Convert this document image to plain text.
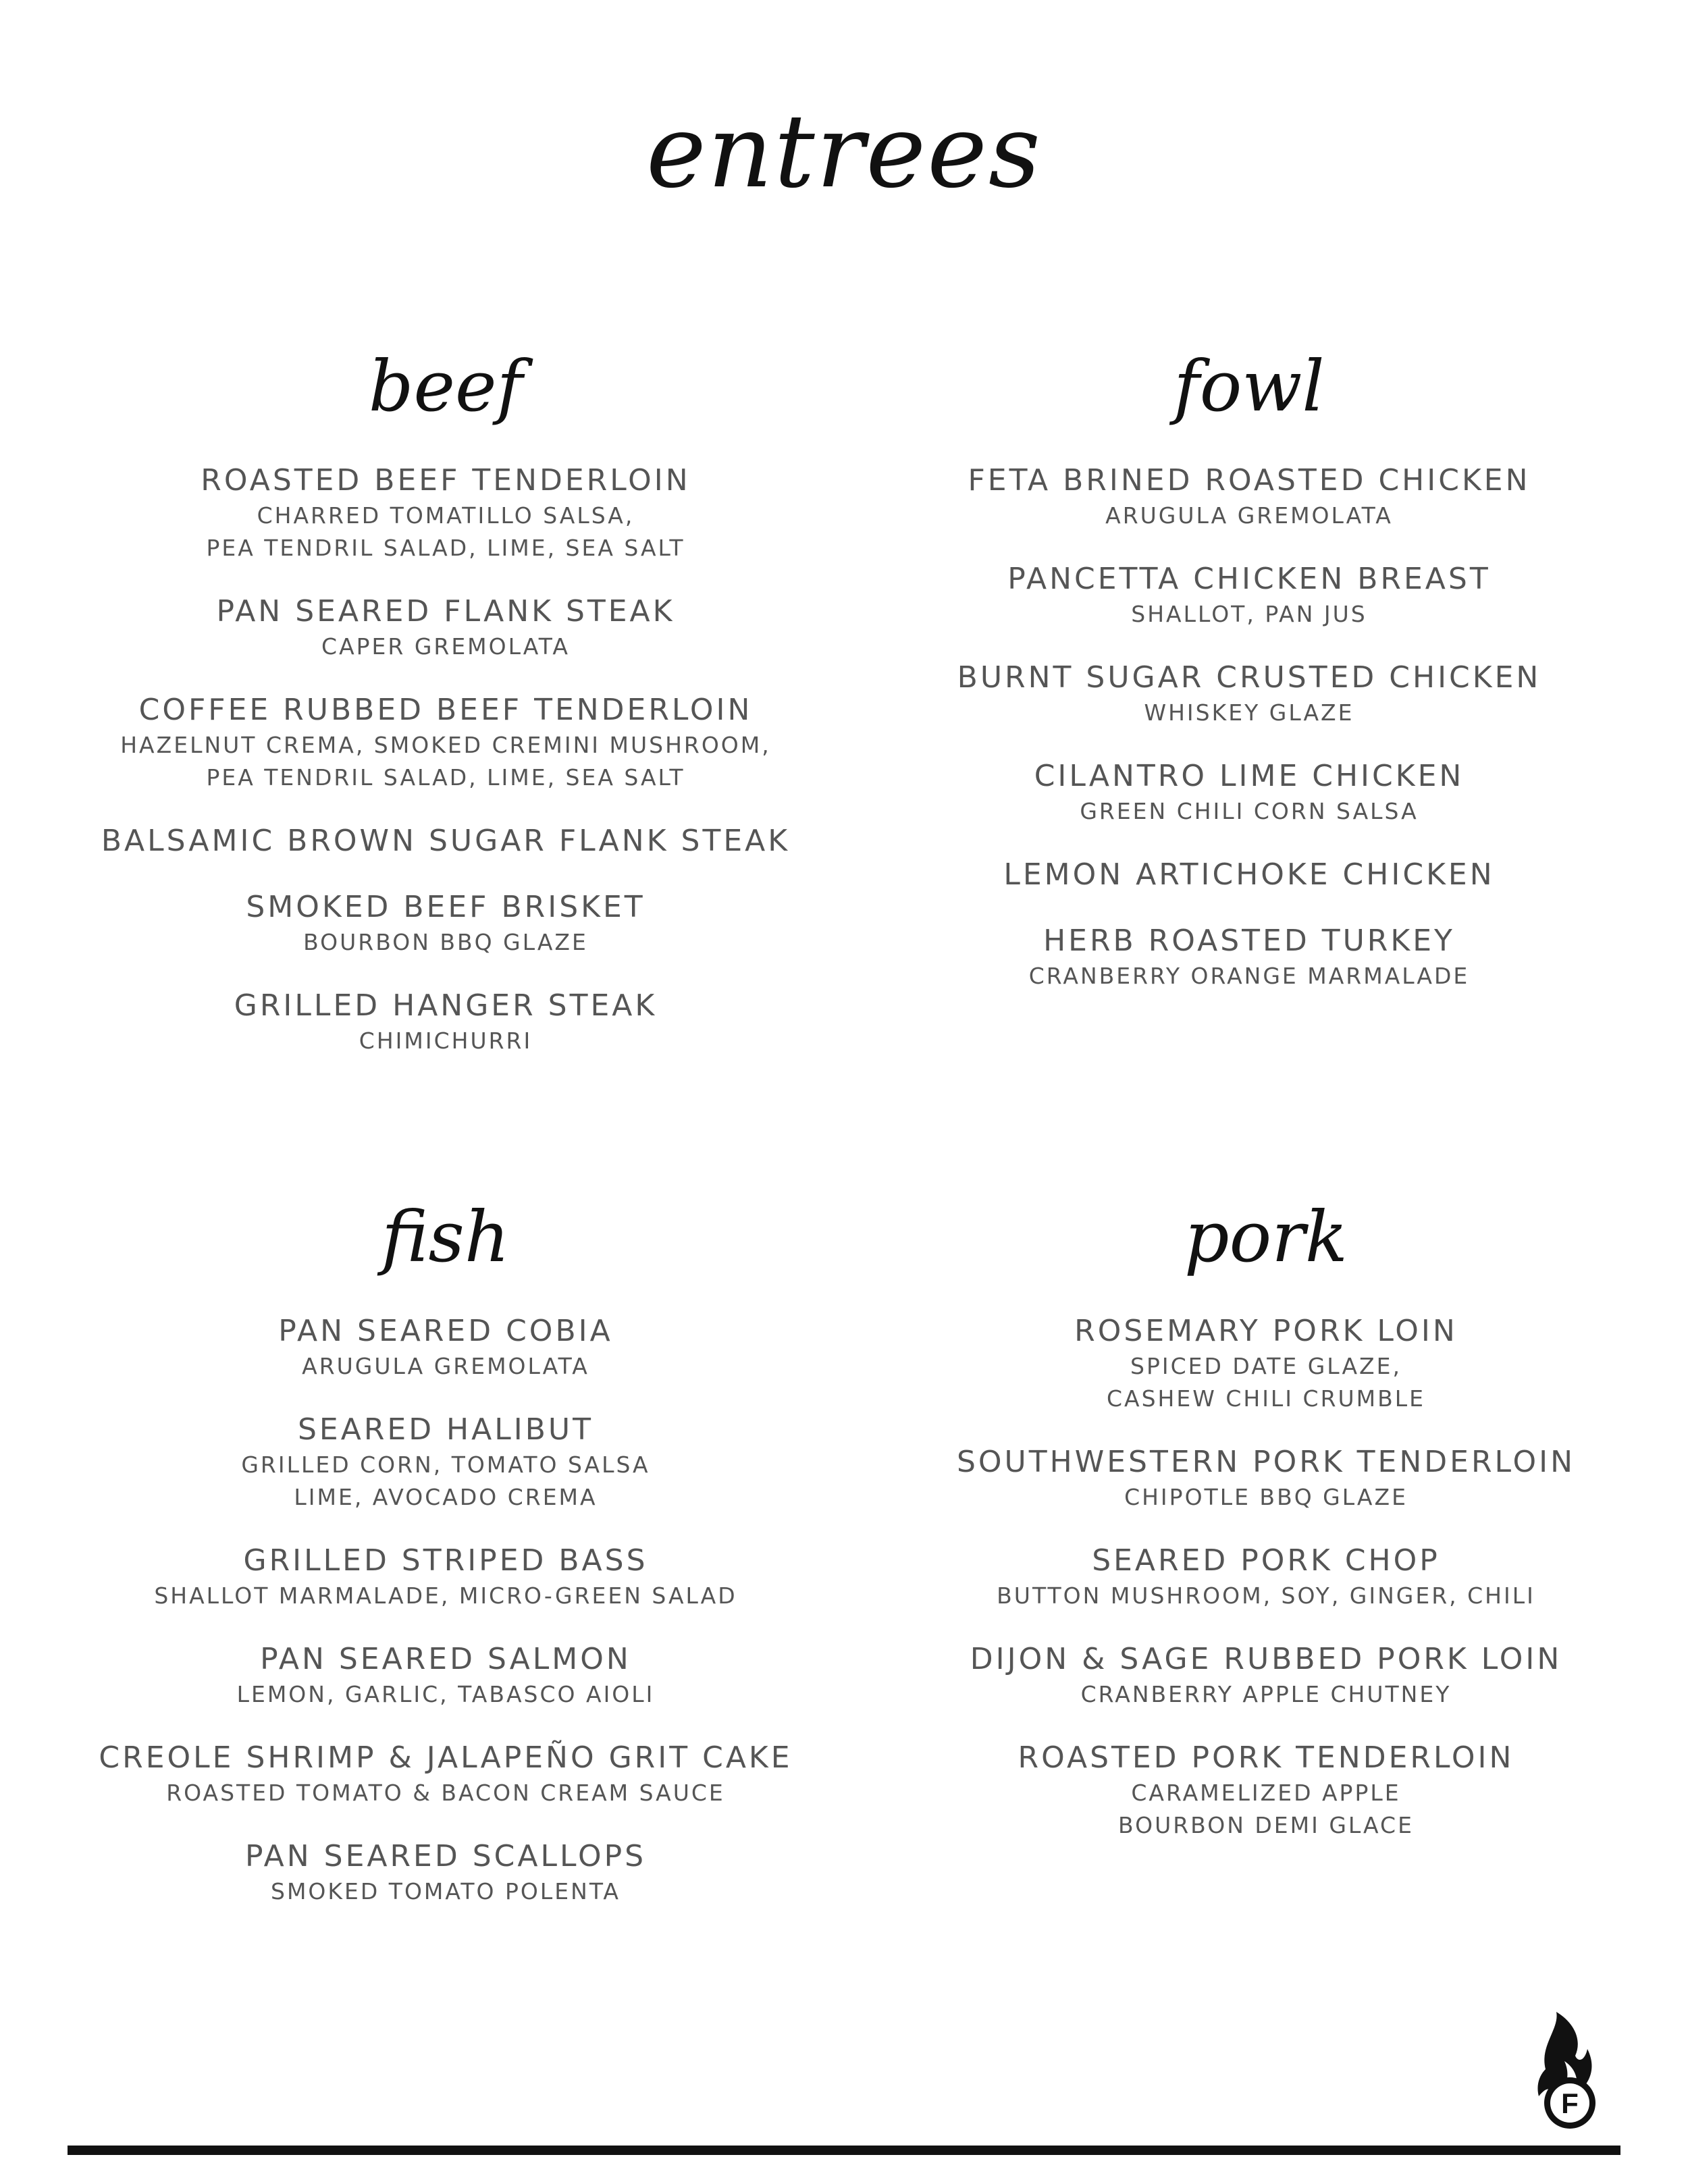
entrees
beef
ROASTED BEEF TENDERLOIN
CHARRED TOMATILLO SALSA,
PEA TENDRIL SALAD, LIME, SEA SALT
PAN SEARED FLANK STEAK
CAPER GREMOLATA
COFFEE RUBBED BEEF TENDERLOIN
HAZELNUT CREMA, SMOKED CREMINI MUSHROOM,
PEA TENDRIL SALAD, LIME, SEA SALT
BALSAMIC BROWN SUGAR FLANK STEAK
SMOKED BEEF BRISKET
BOURBON BBQ GLAZE
GRILLED HANGER STEAK
CHIMICHURRI
fowl
FETA BRINED ROASTED CHICKEN
ARUGULA GREMOLATA
PANCETTA CHICKEN BREAST
SHALLOT, PAN JUS
BURNT SUGAR CRUSTED CHICKEN
WHISKEY GLAZE
CILANTRO LIME CHICKEN
GREEN CHILI CORN SALSA
LEMON ARTICHOKE CHICKEN
HERB ROASTED TURKEY
CRANBERRY ORANGE MARMALADE
fish
PAN SEARED COBIA
ARUGULA GREMOLATA
SEARED HALIBUT
GRILLED CORN, TOMATO SALSA
LIME, AVOCADO CREMA
GRILLED STRIPED BASS
SHALLOT MARMALADE, MICRO-GREEN SALAD
PAN SEARED SALMON
LEMON, GARLIC, TABASCO AIOLI
CREOLE SHRIMP & JALAPEÑO GRIT CAKE
ROASTED TOMATO & BACON CREAM SAUCE
PAN SEARED SCALLOPS
SMOKED TOMATO POLENTA
pork
ROSEMARY PORK LOIN
SPICED DATE GLAZE,
CASHEW CHILI CRUMBLE
SOUTHWESTERN PORK TENDERLOIN
CHIPOTLE BBQ GLAZE
SEARED PORK CHOP
BUTTON MUSHROOM, SOY, GINGER, CHILI
DIJON & SAGE RUBBED PORK LOIN
CRANBERRY APPLE CHUTNEY
ROASTED PORK TENDERLOIN
CARAMELIZED APPLE
BOURBON DEMI GLACE
F
